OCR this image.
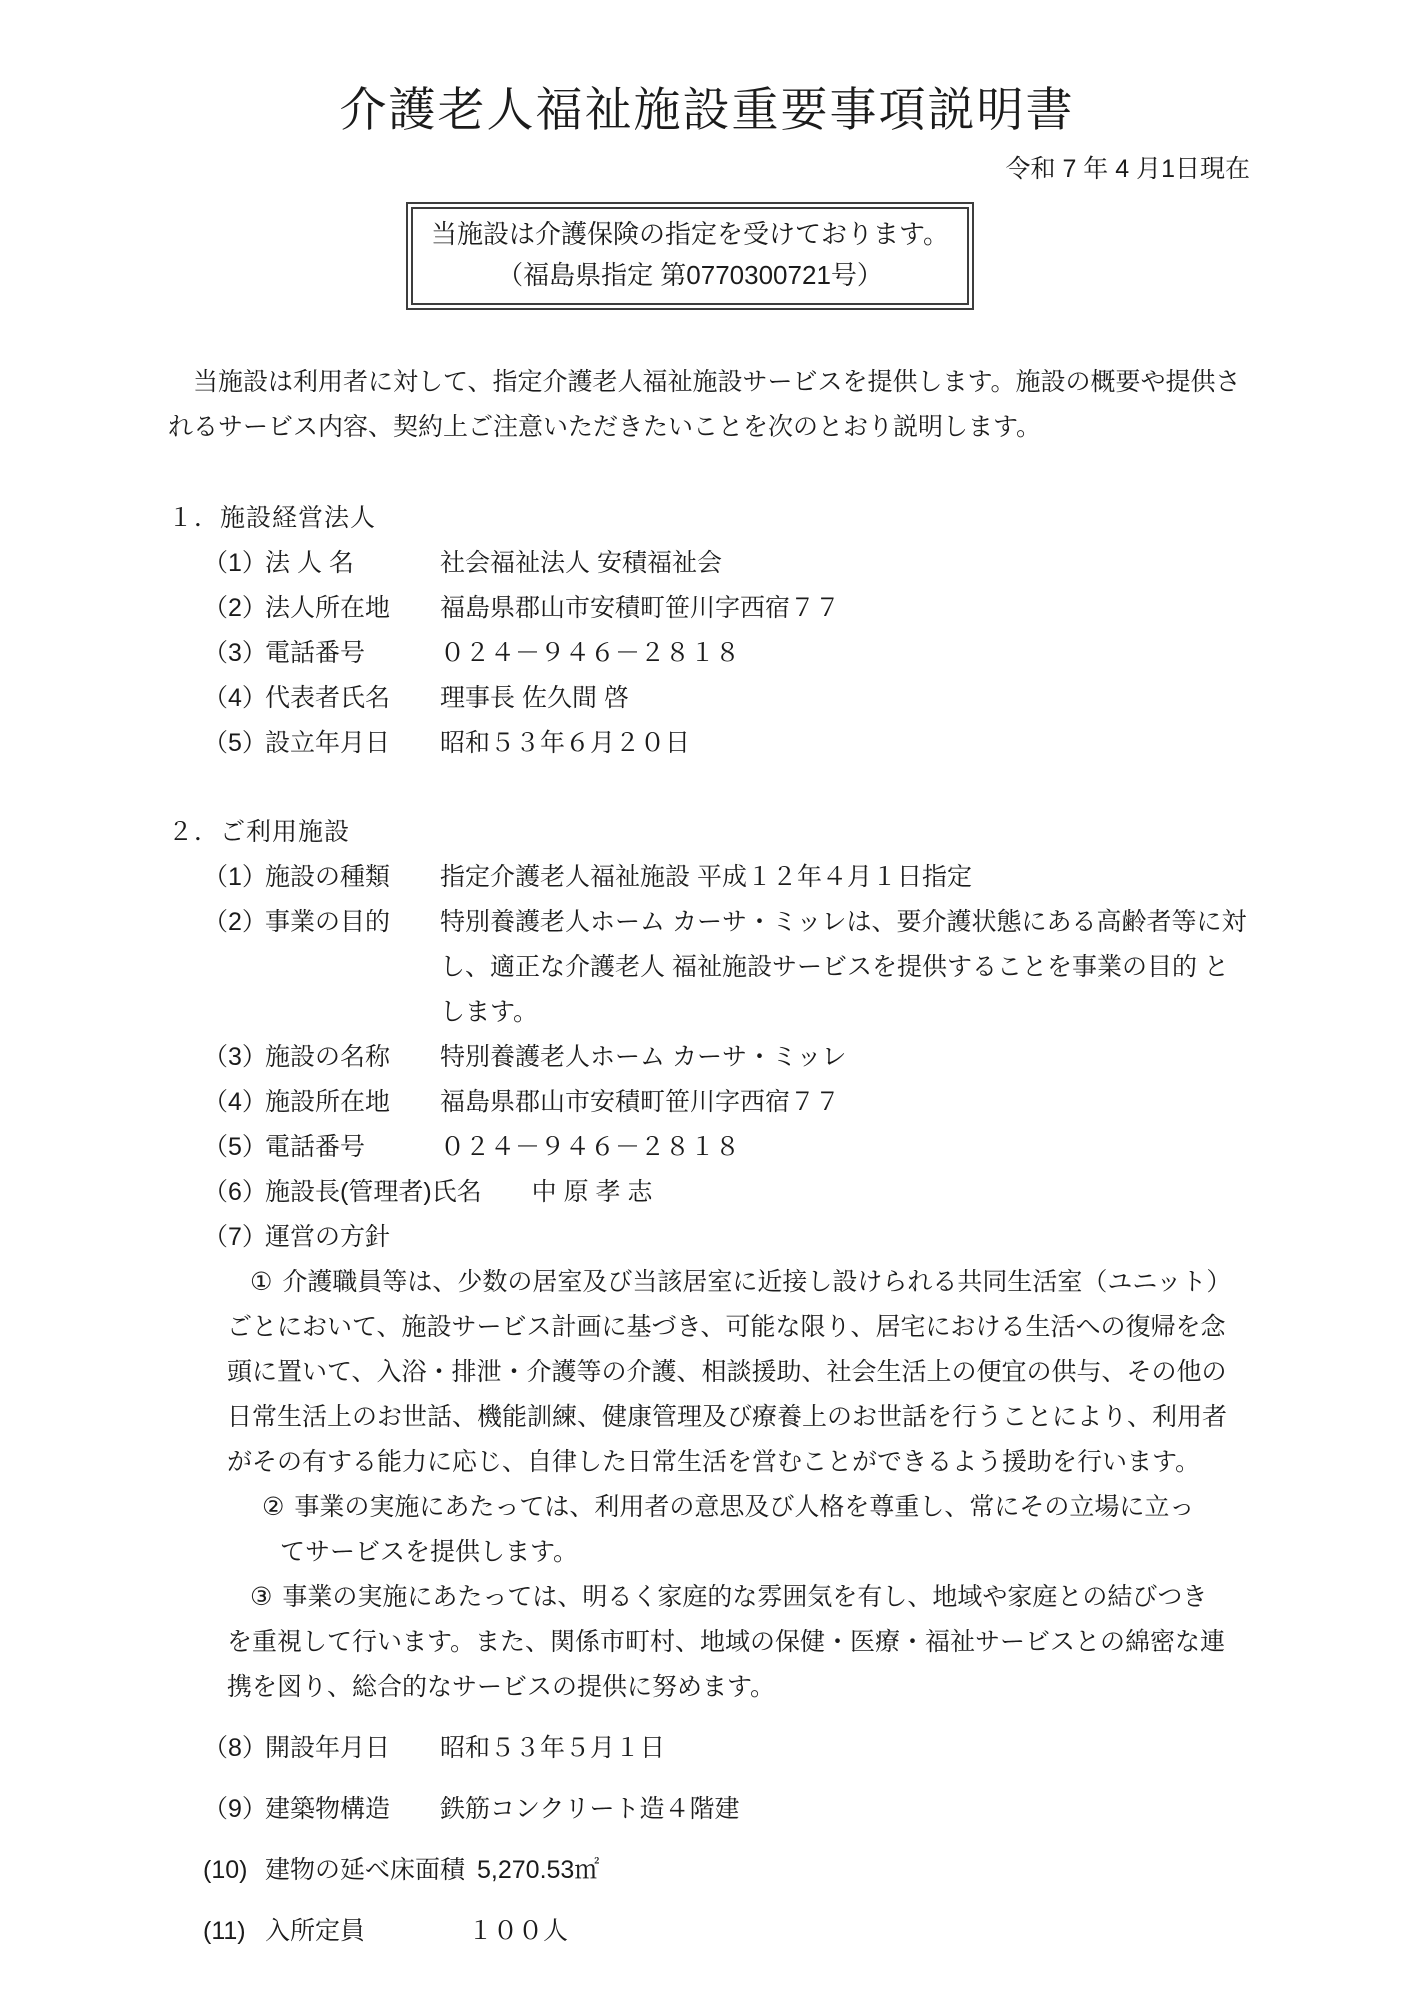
介護老人福祉施設重要事項説明書
令和 7 年 4 月1日現在
当施設は介護保険の指定を受けております。
（福島県指定 第0770300721号）

当施設は利用者に対して、指定介護老人福祉施設サービスを提供します。施設の概要や提供されるサービス内容、契約上ご注意いただきたいことを次のとおり説明します。

１．施設経営法人
（1）
法 人 名	社会福祉法人 安積福祉会
（2）
法人所在地	福島県郡山市安積町笹川字西宿７７
（3）
電話番号	０２４－９４６－２８１８
（4）
代表者氏名	理事長 佐久間 啓
（5）
設立年月日	昭和５３年６月２０日
２．ご利用施設
（1）
施設の種類	指定介護老人福祉施設 平成１２年４月１日指定
（2）
事業の目的	特別養護老人ホーム カーサ・ミッレは、要介護状態にある高齢者等に対し、適正な介護老人 福祉施設サービスを提供することを事業の目的 とします。
（3）
施設の名称	特別養護老人ホーム カーサ・ミッレ
（4）
施設所在地	福島県郡山市安積町笹川字西宿７７
（5）
電話番号	０２４－９４６－２８１８
（6）
施設長(管理者)氏名	中 原 孝 志
（7）
運営の方針
① 介護職員等は、少数の居室及び当該居室に近接し設けられる共同生活室（ユニット）ごとにおいて、施設サービス計画に基づき、可能な限り、居宅における生活への復帰を念頭に置いて、入浴・排泄・介護等の介護、相談援助、社会生活上の便宜の供与、その他の日常生活上のお世話、機能訓練、健康管理及び療養上のお世話を行うことにより、利用者がその有する能力に応じ、自律した日常生活を営むことができるよう援助を行います。
② 事業の実施にあたっては、利用者の意思及び人格を尊重し、常にその立場に立っ
てサービスを提供します。
③ 事業の実施にあたっては、明るく家庭的な雰囲気を有し、地域や家庭との結びつきを重視して行います。また、関係市町村、地域の保健・医療・福祉サービスとの綿密な連携を図り、総合的なサービスの提供に努めます。
（8）
開設年月日	昭和５３年５月１日
（9）
建築物構造	鉄筋コンクリート造４階建
(10) 建物の延べ床面積 5,270.53㎡
(11) 入所定員	１００人
